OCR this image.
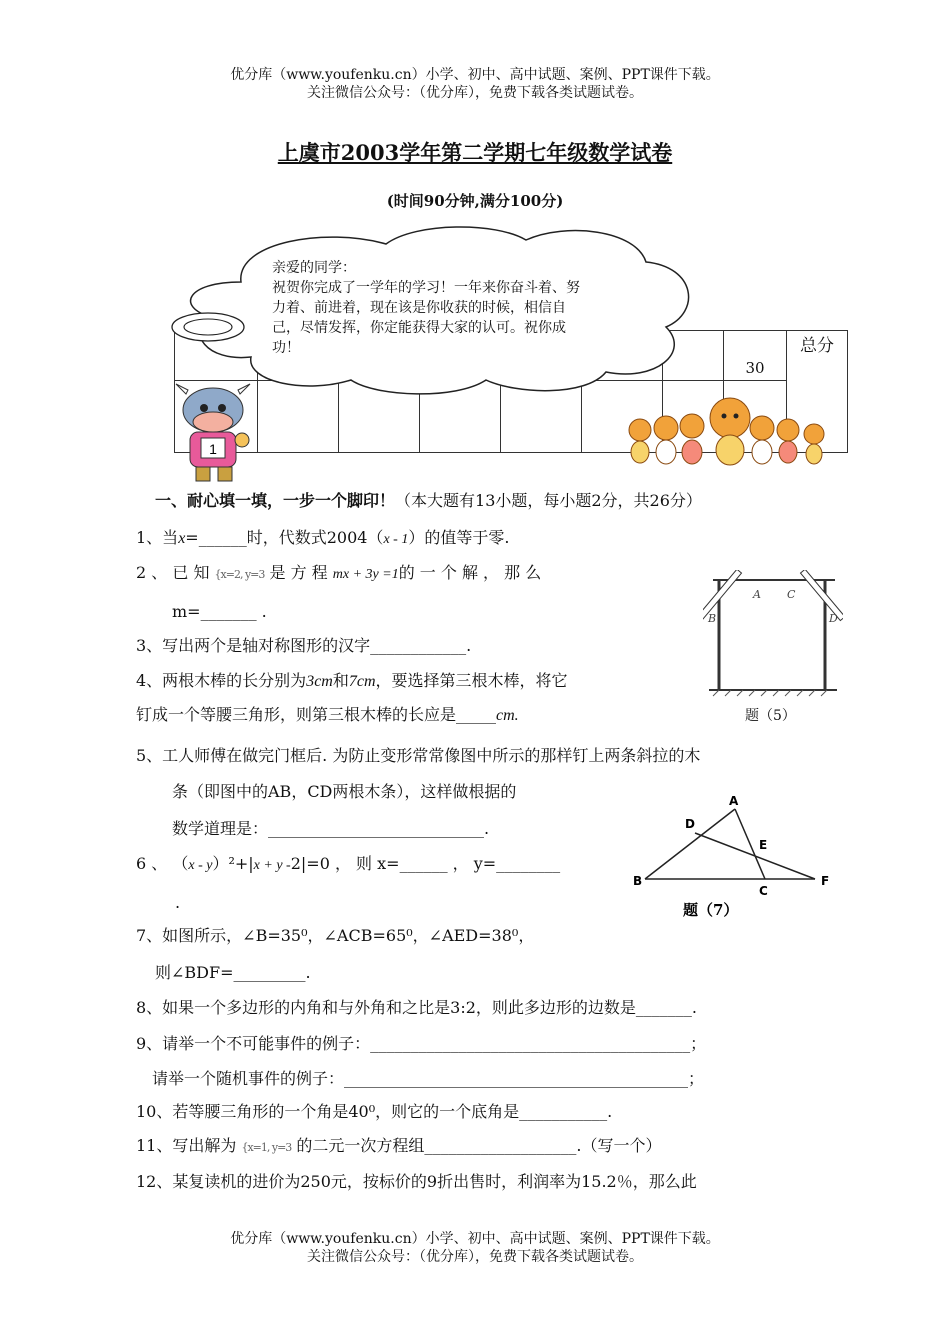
优分库（www.youfenku.cn）小学、初中、高中试题、案例、PPT课件下载。
关注微信公众号：（优分库），免费下载各类试题试卷。
上虞市2003学年第二学期七年级数学试卷
(时间90分钟,满分100分)
							30	总分

亲爱的同学：
祝贺你完成了一学年的学习！一年来你奋斗着、努
力着、前进着，现在该是你收获的时候，相信自
己，尽情发挥，你定能获得大家的认可。祝你成
功！
1
一、耐心填一填，一步一个脚印！（本大题有13小题，每小题2分，共26分）
1、当x=______时，代数式2004（x - 1）的值等于零.
2 、 已 知 {x=2, y=3 是 方 程 mx + 3y =1的 一 个 解 ， 那 么
m=_______ .	B
A C
D
题（5）
3、写出两个是轴对称图形的汉字____________.
4、两根木棒的长分别为3cm和7cm，要选择第三根木棒，将它
钉成一个等腰三角形，则第三根木棒的长应是_____cm.
5、工人师傅在做完门框后. 为防止变形常常像图中所示的那样钉上两条斜拉的木
条（即图中的AB，CD两根木条），这样做根据的
数学道理是：___________________________.
A
D
E
B
C
F
题（7）
6 、 （x - y）²+|x + y -2|=0 ， 则 x=______ ， y=________
.
7、如图所示，∠B=35⁰，∠ACB=65⁰，∠AED=38⁰，
则∠BDF=_________.
8、如果一个多边形的内角和与外角和之比是3:2，则此多边形的边数是_______.
9、请举一个不可能事件的例子：________________________________________；
请举一个随机事件的例子：___________________________________________；
10、若等腰三角形的一个角是40⁰，则它的一个底角是___________.
11、写出解为 {x=1, y=3 的二元一次方程组___________________.（写一个）
12、某复读机的进价为250元，按标价的9折出售时，利润率为15.2％，那么此
优分库（www.youfenku.cn）小学、初中、高中试题、案例、PPT课件下载。
关注微信公众号：（优分库），免费下载各类试题试卷。
